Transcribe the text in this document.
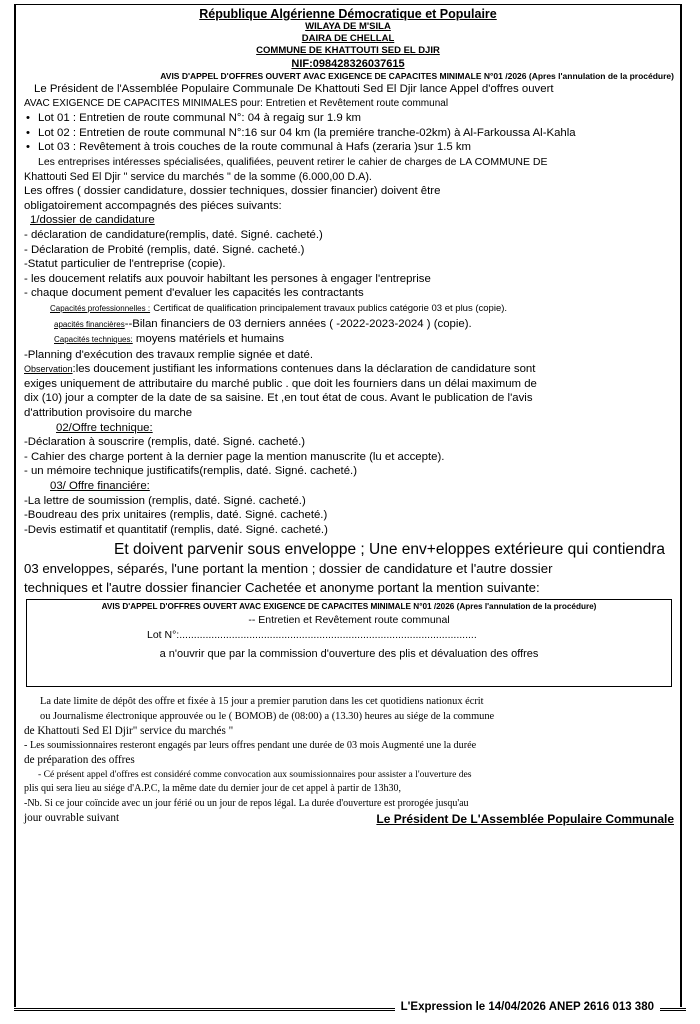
République Algérienne Démocratique et Populaire
WILAYA DE M'SILA
DAIRA DE CHELLAL
COMMUNE DE KHATTOUTI SED EL DJIR
NIF:098428326037615
AVIS D'APPEL D'OFFRES OUVERT AVAC EXIGENCE DE CAPACITES MINIMALE N°01 /2026 (Apres l'annulation de la procédure)

Le Président de l'Assemblée Populaire Communale De Khattouti Sed El Djir lance Appel d'offres ouvert

AVAC EXIGENCE DE CAPACITES MINIMALES pour: Entretien et Revêtement route communal

• Lot 01 : Entretien de route communal N°: 04 à regaig sur 1.9 km

• Lot 02 : Entretien de route communal N°:16 sur 04 km (la premiére tranche-02km) à Al-Farkoussa Al-Kahla

• Lot 03 : Revêtement à trois couches de la route communal à Hafs (zeraria )sur 1.5 km

Les entreprises intéresses spécialisées, qualifiées, peuvent retirer le cahier de charges de LA COMMUNE DE

Khattouti Sed El Djir " service du marchés " de la somme (6.000,00 D.A).

Les offres ( dossier candidature, dossier techniques, dossier financier) doivent être

obligatoirement accompagnés des piéces suivants:

1/dossier de candidature

- déclaration de candidature(remplis, daté. Signé. cacheté.)

- Déclaration de Probité (remplis, daté. Signé. cacheté.)

-Statut particulier de l'entreprise (copie).

- les doucement relatifs aux pouvoir habiltant les persones à engager l'entreprise

- chaque document pement d'evaluer les capacités les contractants

Capacités professionnelles : Certificat de qualification principalement travaux publics catégorie 03 et plus (copie).

apacités financières--Bilan financiers de 03 derniers années ( -2022-2023-2024 ) (copie).

Capacités techniques: moyens matériels et humains

-Planning d'exécution des travaux remplie signée et daté.

Observation:les doucement justifiant les informations contenues dans la déclaration de candidature sont

exiges uniquement de attributaire du marché public . que doit les fourniers dans un délai maximum de

dix (10) jour a compter de la date de sa saisine. Et ,en tout état de cous. Avant le publication de l'avis

d'attribution provisoire du marche

02/Offre technique:

-Déclaration à souscrire (remplis, daté. Signé. cacheté.)

- Cahier des charge portent à la dernier page la mention manuscrite (lu et accepte).

- un mémoire technique justificatifs(remplis, daté. Signé. cacheté.)

03/ Offre financiére:

-La lettre de soumission (remplis, daté. Signé. cacheté.)

-Boudreau des prix unitaires (remplis, daté. Signé. cacheté.)

-Devis estimatif et quantitatif (remplis, daté. Signé. cacheté.)

Et doivent parvenir sous enveloppe ; Une env+eloppes extérieure qui contiendra
03 enveloppes, séparés, l'une portant la mention ; dossier de candidature et l'autre dossier
techniques et l'autre dossier financier Cachetée et anonyme portant la mention suivante:
AVIS D'APPEL D'OFFRES OUVERT AVAC EXIGENCE DE CAPACITES MINIMALE N°01 /2026 (Apres l'annulation de la procédure)
-- Entretien et Revêtement route communal
Lot N°:......................................................................................................
a n'ouvrir que par la commission d'ouverture des plis et dévaluation des offres
La date limite de dépôt des offre et fixée à 15 jour a premier parution dans les cet quotidiens nationux écrit
ou Journalisme électronique approuvée ou le ( BOMOB) de (08:00) a (13.30) heures au siége de la commune
de Khattouti Sed El Djir" service du marchés "
- Les soumissionnaires resteront engagés par leurs offres pendant une durée de 03 mois Augmenté une la durée
de préparation des offres
- Cé présent appel d'offres est considéré comme convocation aux soumissionnaires pour assister a l'ouverture des
plis qui sera lieu au siége d'A.P.C, la même date du dernier jour de cet appel à partir de 13h30,
-Nb. Si ce jour coïncide avec un jour férié ou un jour de repos légal. La durée d'ouverture est prorogée jusqu'au
jour ouvrable suivant	Le Président De L'Assemblée Populaire Communale
L'Expression le 14/04/2026 ANEP 2616 013 380
